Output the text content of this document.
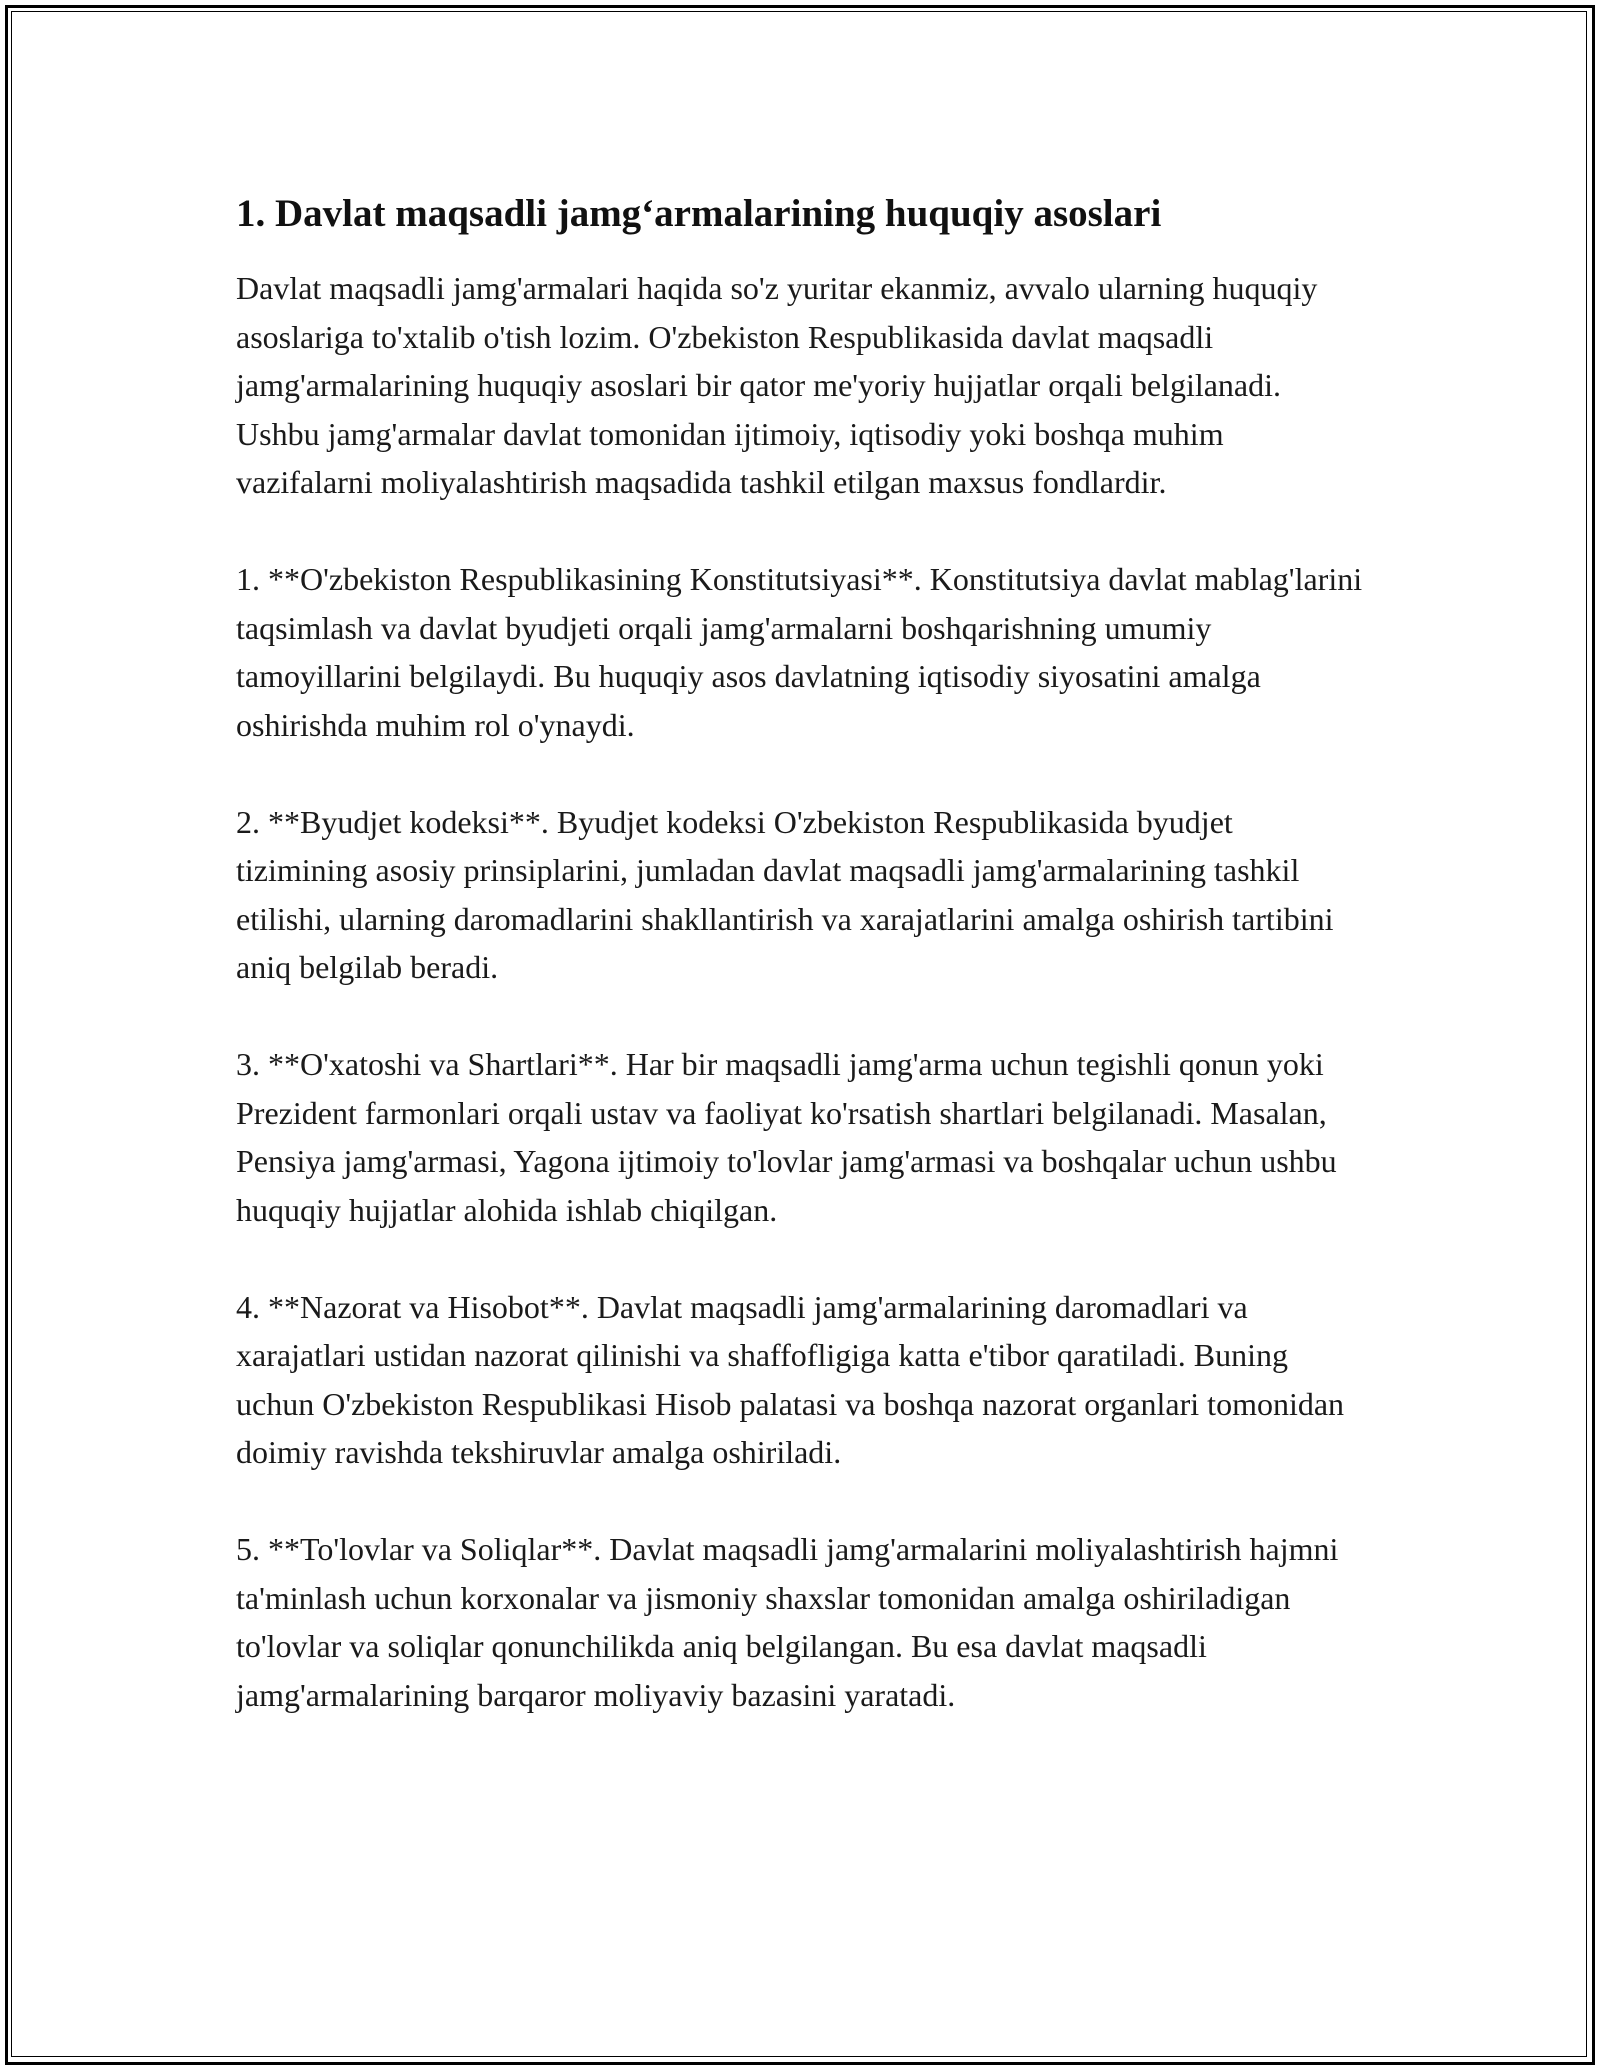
1. Davlat maqsadli jamg‘armalarining huquqiy asoslari

Davlat maqsadli jamg'armalari haqida so'z yuritar ekanmiz, avvalo ularning huquqiy asoslariga to'xtalib o'tish lozim. O'zbekiston Respublikasida davlat maqsadli jamg'armalarining huquqiy asoslari bir qator me'yoriy hujjatlar orqali belgilanadi. Ushbu jamg'armalar davlat tomonidan ijtimoiy, iqtisodiy yoki boshqa muhim vazifalarni moliyalashtirish maqsadida tashkil etilgan maxsus fondlardir.

1. **O'zbekiston Respublikasining Konstitutsiyasi**. Konstitutsiya davlat mablag'larini taqsimlash va davlat byudjeti orqali jamg'armalarni boshqarishning umumiy tamoyillarini belgilaydi. Bu huquqiy asos davlatning iqtisodiy siyosatini amalga oshirishda muhim rol o'ynaydi.

2. **Byudjet kodeksi**. Byudjet kodeksi O'zbekiston Respublikasida byudjet tizimining asosiy prinsiplarini, jumladan davlat maqsadli jamg'armalarining tashkil etilishi, ularning daromadlarini shakllantirish va xarajatlarini amalga oshirish tartibini aniq belgilab beradi.

3. **O'xatoshi va Shartlari**. Har bir maqsadli jamg'arma uchun tegishli qonun yoki Prezident farmonlari orqali ustav va faoliyat ko'rsatish shartlari belgilanadi. Masalan, Pensiya jamg'armasi, Yagona ijtimoiy to'lovlar jamg'armasi va boshqalar uchun ushbu huquqiy hujjatlar alohida ishlab chiqilgan.

4. **Nazorat va Hisobot**. Davlat maqsadli jamg'armalarining daromadlari va xarajatlari ustidan nazorat qilinishi va shaffofligiga katta e'tibor qaratiladi. Buning uchun O'zbekiston Respublikasi Hisob palatasi va boshqa nazorat organlari tomonidan doimiy ravishda tekshiruvlar amalga oshiriladi.

5. **To'lovlar va Soliqlar**. Davlat maqsadli jamg'armalarini moliyalashtirish hajmni ta'minlash uchun korxonalar va jismoniy shaxslar tomonidan amalga oshiriladigan to'lovlar va soliqlar qonunchilikda aniq belgilangan. Bu esa davlat maqsadli jamg'armalarining barqaror moliyaviy bazasini yaratadi.
